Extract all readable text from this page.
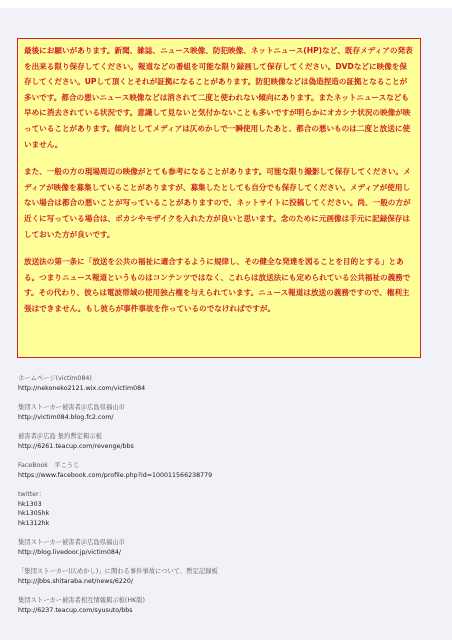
最後にお願いがあります。新聞、雑誌、ニュース映像、防犯映像、ネットニュース(HP)など、既存メディアの発表を出来る限り保存してください。報道などの番組を可能な限り録画して保存してください。DVDなどに映像を保存してください。UPして頂くとそれが証拠になることがあります。防犯映像などは偽造捏造の証拠となることが多いです。都合の悪いニュース映像などは消されて二度と使われない傾向にあります。またネットニュースなども早めに消去されている状況です。意識して見ないと気付かないことも多いですが明らかにオカシナ状況の映像が映っていることがあります。傾向としてメディアは仄めかしで一瞬使用したあと、都合の悪いものは二度と放送に使いません。

また、一般の方の現場周辺の映像がとても参考になることがあります。可能な限り撮影して保存してください。メディアが映像を募集していることがありますが、募集したとしても自分でも保存してください。メディアが使用しない場合は都合の悪いことが写っていることがありますので、ネットサイトに投稿してください。尚、一般の方が近くに写っている場合は、ボカシやモザイクを入れた方が良いと思います。念のために元画像は手元に記録保存はしておいた方が良いです。

放送法の第一条に「放送を公共の福祉に適合するように規律し、その健全な発達を図ることを目的とする」とある。つまりニュース報道というものはコンテンツではなく、これらは放送法にも定められている公共福祉の義務です。その代わり、彼らは電波帯域の使用独占権を与えられています。ニュース報道は放送の義務ですので、権利主張はできません。もし彼らが事件事故を作っているのでなければですが。

ホームページ(victim084)
http://nekoneko2121.wix.com/victim084
集団ストーカー被害者＠広島県福山市
http://victim084.blog.fc2.com/
被害者＠広島 集約暫定掲示板
http://6261.teacup.com/revenge/bbs
FaceBook　平こうじ
https://www.facebook.com/profile.php?id=100011566238779
twitter：
hk1303
hk1305hk
hk1312hk
集団ストーカー被害者＠広島県福山市
http://blog.livedoor.jp/victim084/
「集団ストーカー(仄めかし)」に関わる事件事故について、暫定記録板
http://jbbs.shitaraba.net/news/6220/
集団ストーカー被害者相互情報掲示板(HK版)
http://6237.teacup.com/syusuto/bbs
